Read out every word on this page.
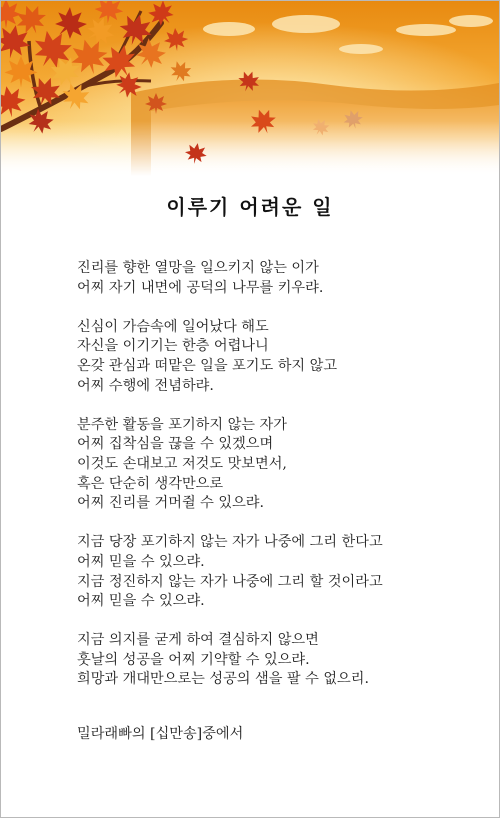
이루기 어려운 일
진리를 향한 열망을 일으키지 않는 이가
어찌 자기 내면에 공덕의 나무를 키우랴.
신심이 가슴속에 일어났다 해도
자신을 이기기는 한층 어렵나니
온갖 관심과 떠맡은 일을 포기도 하지 않고
어찌 수행에 전념하랴.
분주한 활동을 포기하지 않는 자가
어찌 집착심을 끊을 수 있겠으며
이것도 손대보고 저것도 맛보면서,
혹은 단순히 생각만으로
어찌 진리를 거머쥘 수 있으랴.
지금 당장 포기하지 않는 자가 나중에 그리 한다고
어찌 믿을 수 있으랴.
지금 정진하지 않는 자가 나중에 그리 할 것이라고
어찌 믿을 수 있으랴.
지금 의지를 굳게 하여 결심하지 않으면
훗날의 성공을 어찌 기약할 수 있으랴.
희망과 개대만으로는 성공의 샘을 팔 수 없으리.
밀라래빠의 [십만송]중에서
